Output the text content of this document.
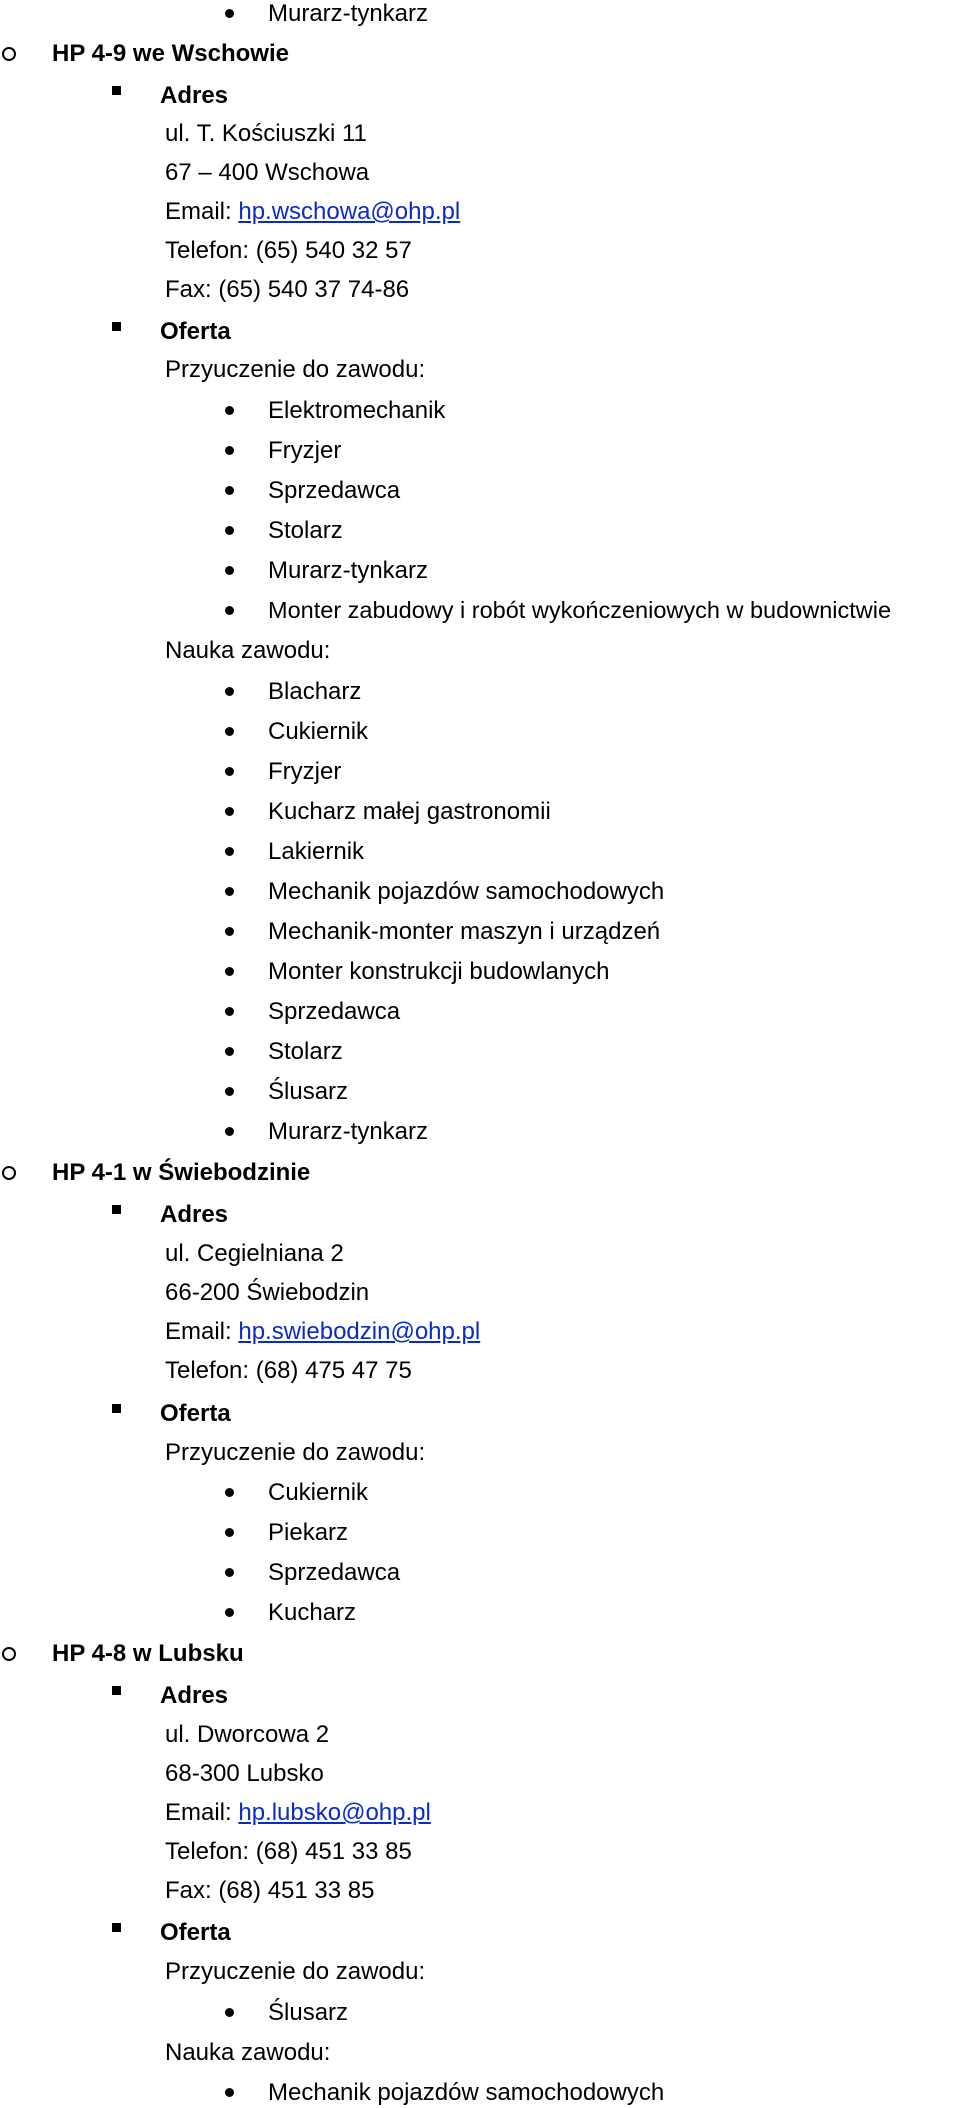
Murarz-tynkarz
HP 4-9 we Wschowie
Adres
ul. T. Kościuszki 11
67 – 400 Wschowa
Email: hp.wschowa@ohp.pl
Telefon: (65) 540 32 57
Fax: (65) 540 37 74-86
Oferta
Przyuczenie do zawodu:
Elektromechanik
Fryzjer
Sprzedawca
Stolarz
Murarz-tynkarz
Monter zabudowy i robót wykończeniowych w budownictwie
Nauka zawodu:
Blacharz
Cukiernik
Fryzjer
Kucharz małej gastronomii
Lakiernik
Mechanik pojazdów samochodowych
Mechanik-monter maszyn i urządzeń
Monter konstrukcji budowlanych
Sprzedawca
Stolarz
Ślusarz
Murarz-tynkarz
HP 4-1 w Świebodzinie
Adres
ul. Cegielniana 2
66-200 Świebodzin
Email: hp.swiebodzin@ohp.pl
Telefon: (68) 475 47 75
Oferta
Przyuczenie do zawodu:
Cukiernik
Piekarz
Sprzedawca
Kucharz
HP 4-8 w Lubsku
Adres
ul. Dworcowa 2
68-300 Lubsko
Email: hp.lubsko@ohp.pl
Telefon: (68) 451 33 85
Fax: (68) 451 33 85
Oferta
Przyuczenie do zawodu:
Ślusarz
Nauka zawodu:
Mechanik pojazdów samochodowych
